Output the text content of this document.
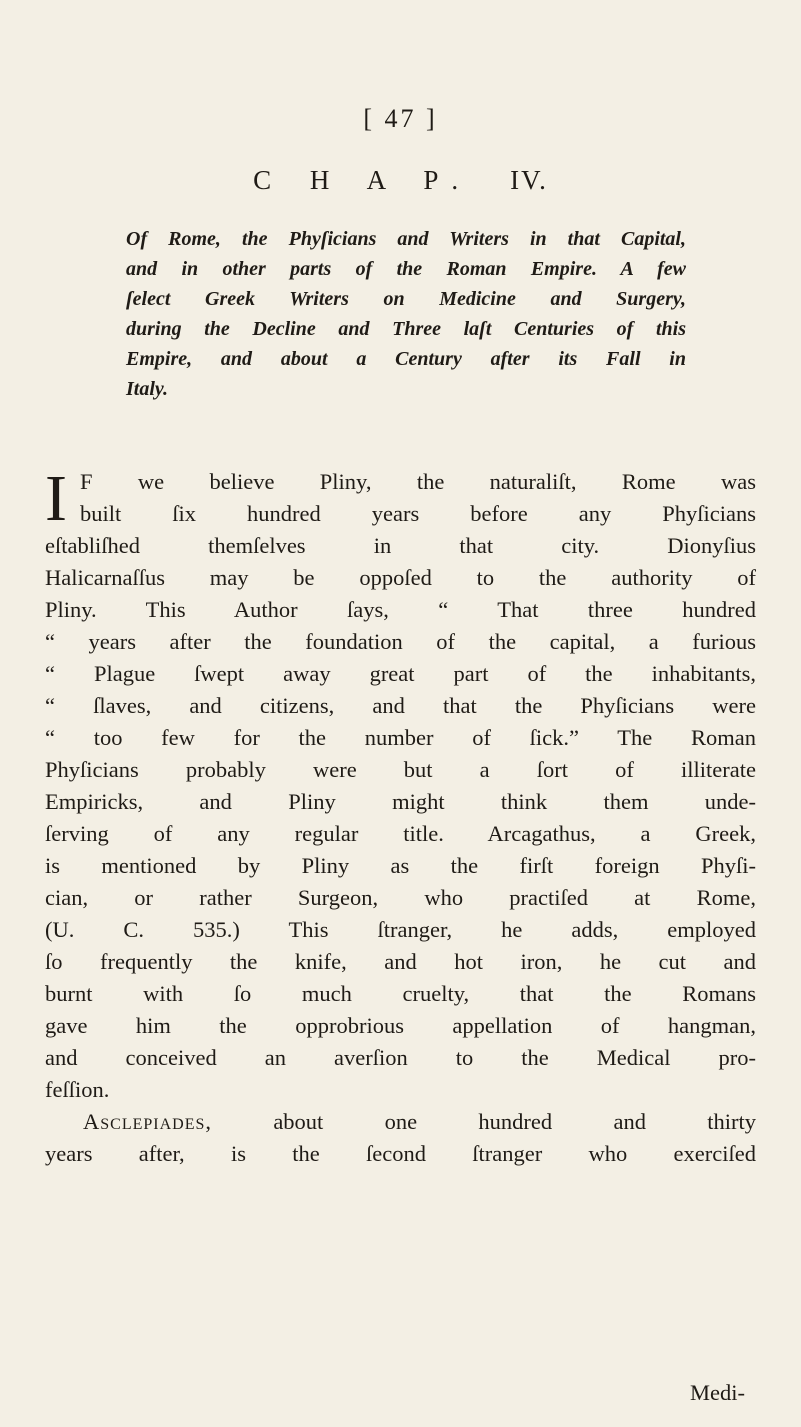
[ 47 ]
C H A P. IV.
Of Rome, the Phyſicians and Writers in that Capital,
and in other parts of the Roman Empire. A few
ſelect Greek Writers on Medicine and Surgery,
during the Decline and Three laſt Centuries of this
Empire, and about a Century after its Fall in
Italy.
I F we believe Pliny, the naturaliſt, Rome was
built ſix hundred years before any Phyſicians
eſtabliſhed themſelves in that city. Dionyſius
Halicarnaſſus may be oppoſed to the authority of
Pliny. This Author ſays, “ That three hundred
“ years after the foundation of the capital, a furious
“ Plague ſwept away great part of the inhabitants,
“ ſlaves, and citizens, and that the Phyſicians were
“ too few for the number of ſick.” The Roman
Phyſicians probably were but a ſort of illiterate
Empiricks, and Pliny might think them unde-
ſerving of any regular title. Arcagathus, a Greek,
is mentioned by Pliny as the firſt foreign Phyſi-
cian, or rather Surgeon, who practiſed at Rome,
(U. C. 535.) This ſtranger, he adds, employed
ſo frequently the knife, and hot iron, he cut and
burnt with ſo much cruelty, that the Romans
gave him the opprobrious appellation of hangman,
and conceived an averſion to the Medical pro-
feſſion.
Asclepiades, about one hundred and thirty
years after, is the ſecond ſtranger who exerciſed
Medi-
